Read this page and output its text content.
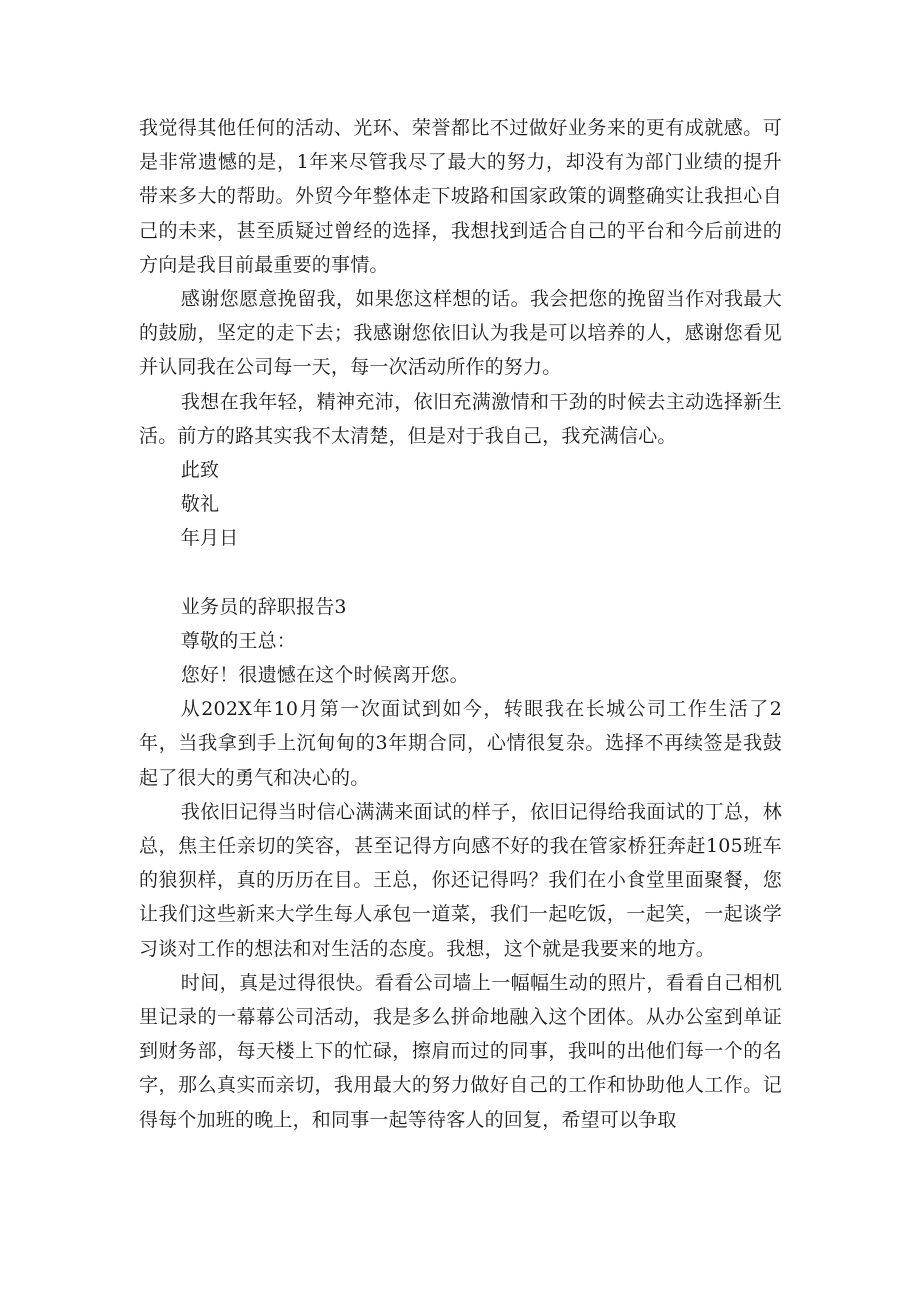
我觉得其他任何的活动、光环、荣誉都比不过做好业务来的更有成就感。可是非常遗憾的是，1年来尽管我尽了最大的努力，却没有为部门业绩的提升带来多大的帮助。外贸今年整体走下坡路和国家政策的调整确实让我担心自己的未来，甚至质疑过曾经的选择，我想找到适合自己的平台和今后前进的方向是我目前最重要的事情。

感谢您愿意挽留我，如果您这样想的话。我会把您的挽留当作对我最大的鼓励，坚定的走下去；我感谢您依旧认为我是可以培养的人，感谢您看见并认同我在公司每一天，每一次活动所作的努力。

我想在我年轻，精神充沛，依旧充满激情和干劲的时候去主动选择新生活。前方的路其实我不太清楚，但是对于我自己，我充满信心。

此致

敬礼

年月日

业务员的辞职报告3

尊敬的王总：

您好！很遗憾在这个时候离开您。

从202X年10月第一次面试到如今，转眼我在长城公司工作生活了2年，当我拿到手上沉甸甸的3年期合同，心情很复杂。选择不再续签是我鼓起了很大的勇气和决心的。

我依旧记得当时信心满满来面试的样子，依旧记得给我面试的丁总，林总，焦主任亲切的笑容，甚至记得方向感不好的我在管家桥狂奔赶105班车的狼狈样，真的历历在目。王总，你还记得吗？我们在小食堂里面聚餐，您让我们这些新来大学生每人承包一道菜，我们一起吃饭，一起笑，一起谈学习谈对工作的想法和对生活的态度。我想，这个就是我要来的地方。

时间，真是过得很快。看看公司墙上一幅幅生动的照片，看看自己相机里记录的一幕幕公司活动，我是多么拼命地融入这个团体。从办公室到单证到财务部，每天楼上下的忙碌，擦肩而过的同事，我叫的出他们每一个的名字，那么真实而亲切，我用最大的努力做好自己的工作和协助他人工作。记得每个加班的晚上，和同事一起等待客人的回复，希望可以争取
